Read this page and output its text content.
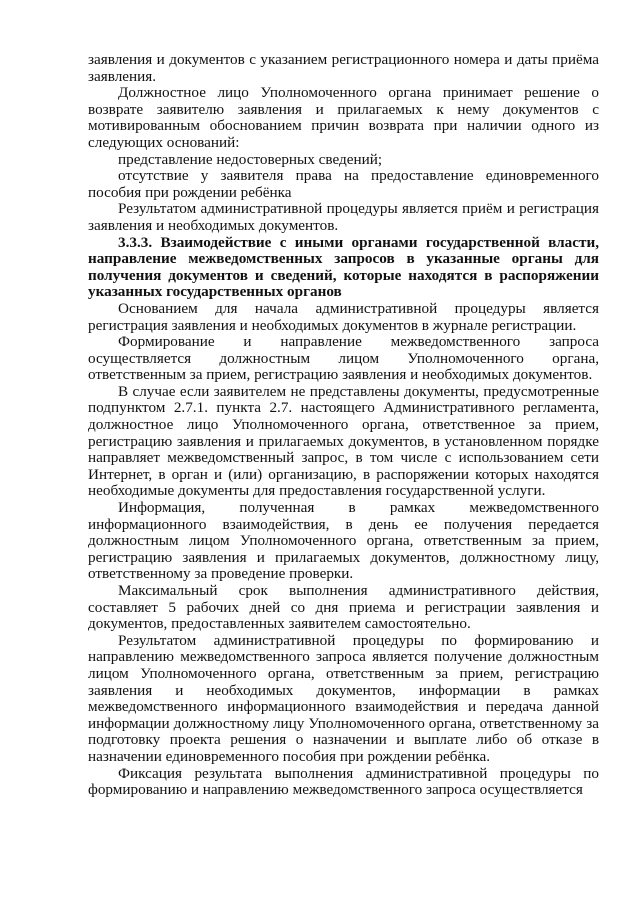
заявления и документов с указанием регистрационного номера и даты приёма заявления.

Должностное лицо Уполномоченного органа принимает решение о возврате заявителю заявления и прилагаемых к нему документов с мотивированным обоснованием причин возврата при наличии одного из следующих оснований:

представление недостоверных сведений;

отсутствие у заявителя права на предоставление единовременного пособия при рождении ребёнка

Результатом административной процедуры является приём и регистрация заявления и необходимых документов.

3.3.3. Взаимодействие с иными органами государственной власти, направление межведомственных запросов в указанные органы для получения документов и сведений, которые находятся в распоряжении указанных государственных органов

Основанием для начала административной процедуры является регистрация заявления и необходимых документов в журнале регистрации.

Формирование и направление межведомственного запроса осуществляется должностным лицом Уполномоченного органа, ответственным за прием, регистрацию заявления и необходимых документов.

В случае если заявителем не представлены документы, предусмотренные подпунктом 2.7.1. пункта 2.7. настоящего Административного регламента, должностное лицо Уполномоченного органа, ответственное за прием, регистрацию заявления и прилагаемых документов, в установленном порядке направляет межведомственный запрос, в том числе с использованием сети Интернет, в орган и (или) организацию, в распоряжении которых находятся необходимые документы для предоставления государственной услуги.

Информация, полученная в рамках межведомственного информационного взаимодействия, в день ее получения передается должностным лицом Уполномоченного органа, ответственным за прием, регистрацию заявления и прилагаемых документов, должностному лицу, ответственному за проведение проверки.

Максимальный срок выполнения административного действия, составляет 5 рабочих дней со дня приема и регистрации заявления и документов, предоставленных заявителем самостоятельно.

Результатом административной процедуры по формированию и направлению межведомственного запроса является получение должностным лицом Уполномоченного органа, ответственным за прием, регистрацию заявления и необходимых документов, информации в рамках межведомственного информационного взаимодействия и передача данной информации должностному лицу Уполномоченного органа, ответственному за подготовку проекта решения о назначении и выплате либо об отказе в назначении единовременного пособия при рождении ребёнка.

Фиксация результата выполнения административной процедуры по формированию и направлению межведомственного запроса осуществляется
